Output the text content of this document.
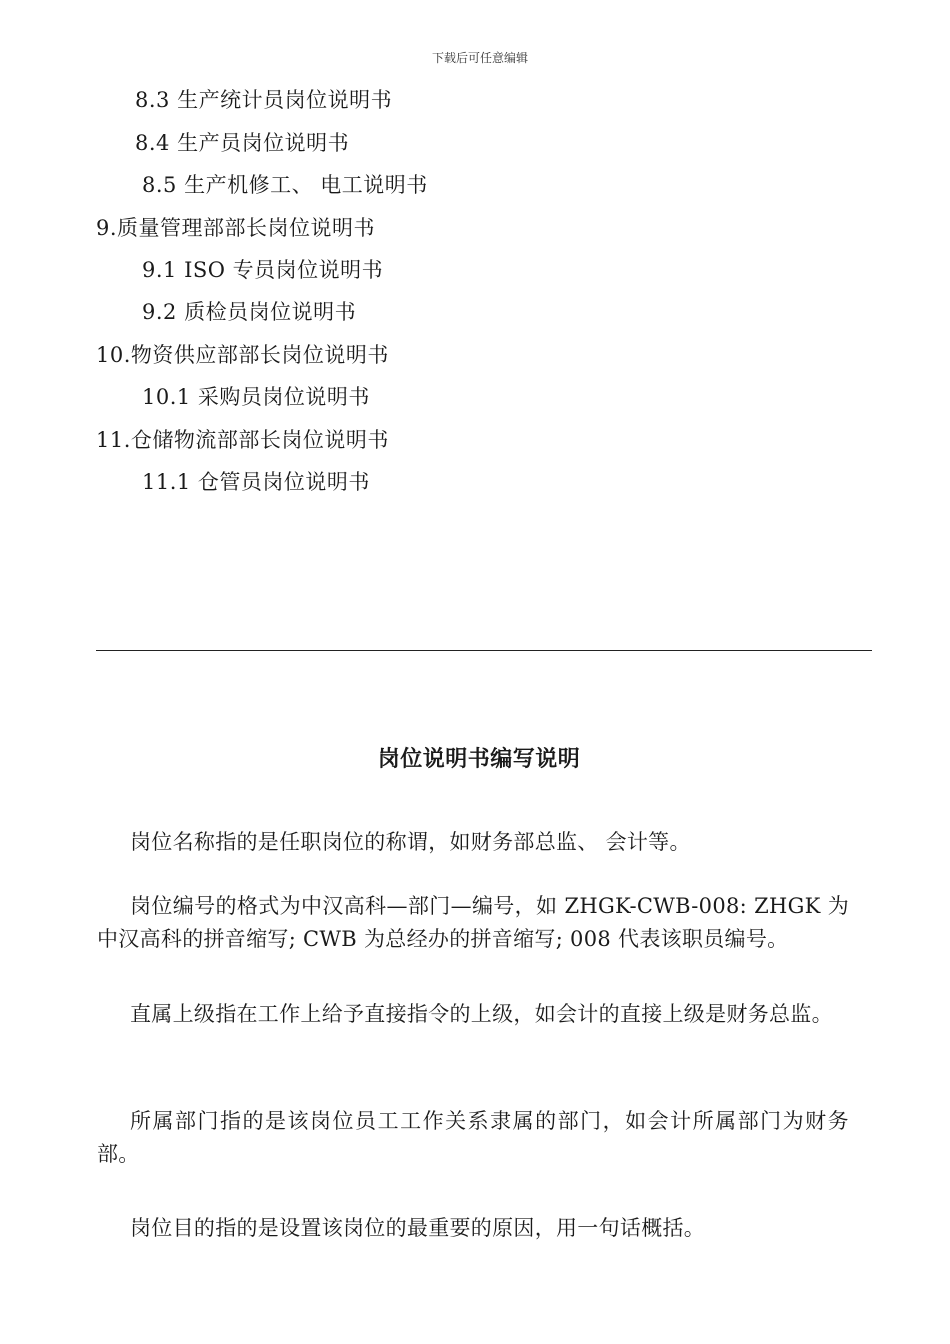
下载后可任意编辑
8.3 生产统计员岗位说明书
8.4 生产员岗位说明书
8.5 生产机修工、 电工说明书
9.质量管理部部长岗位说明书
9.1 ISO 专员岗位说明书
9.2 质检员岗位说明书
10.物资供应部部长岗位说明书
10.1 采购员岗位说明书
11.仓储物流部部长岗位说明书
11.1 仓管员岗位说明书
岗位说明书编写说明
岗位名称指的是任职岗位的称谓，如财务部总监、 会计等。
岗位编号的格式为中汉高科—部门—编号，如 ZHGK-CWB-008: ZHGK 为中汉高科的拼音缩写; CWB 为总经办的拼音缩写; 008 代表该职员编号。
直属上级指在工作上给予直接指令的上级，如会计的直接上级是财务总监。
所属部门指的是该岗位员工工作关系隶属的部门，如会计所属部门为财务部。
岗位目的指的是设置该岗位的最重要的原因，用一句话概括。
